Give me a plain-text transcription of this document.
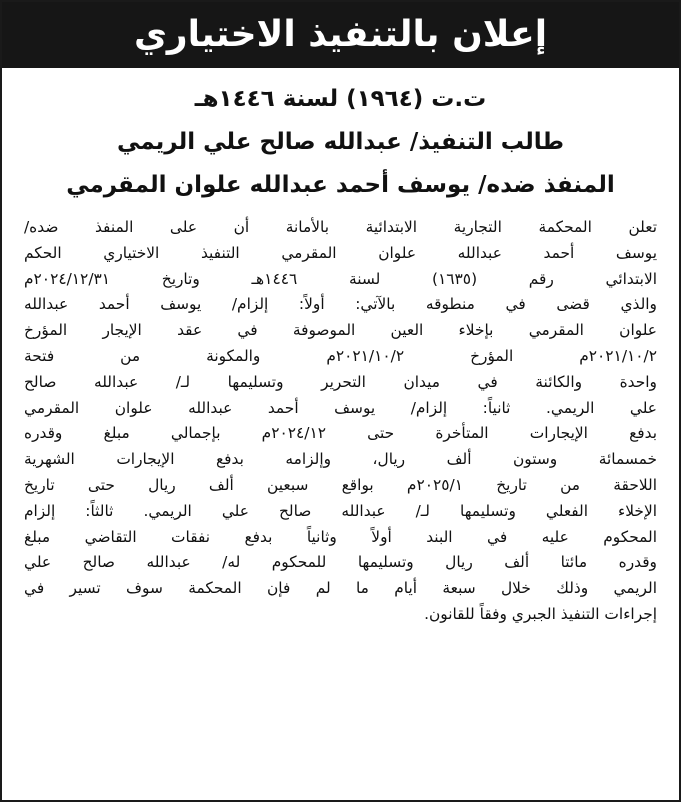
إعلان بالتنفيذ الاختياري
ت.ت (١٩٦٤) لسنة ١٤٤٦هـ
طالب التنفيذ/ عبدالله صالح علي الريمي
المنفذ ضده/ يوسف أحمد عبدالله علوان المقرمي
تعلن المحكمة التجارية الابتدائية بالأمانة أن على المنفذ ضده/
يوسف أحمد عبدالله علوان المقرمي التنفيذ الاختياري الحكم
الابتدائي رقم (١٦٣٥) لسنة ١٤٤٦هـ وتاريخ ٢٠٢٤/١٢/٣١م
والذي قضى في منطوقه بالآتي: أولاً: إلزام/ يوسف أحمد عبدالله
علوان المقرمي بإخلاء العين الموصوفة في عقد الإيجار المؤرخ
٢٠٢١/١٠/٢م المؤرخ ٢٠٢١/١٠/٢م والمكونة من فتحة
واحدة والكائنة في ميدان التحرير وتسليمها لـ/ عبدالله صالح
علي الريمي. ثانياً: إلزام/ يوسف أحمد عبدالله علوان المقرمي
بدفع الإيجارات المتأخرة حتى ٢٠٢٤/١٢م بإجمالي مبلغ وقدره
خمسمائة وستون ألف ريال، وإلزامه بدفع الإيجارات الشهرية
اللاحقة من تاريخ ٢٠٢٥/١م بواقع سبعين ألف ريال حتى تاريخ
الإخلاء الفعلي وتسليمها لـ/ عبدالله صالح علي الريمي. ثالثاً: إلزام
المحكوم عليه في البند أولاً وثانياً بدفع نفقات التقاضي مبلغ
وقدره مائتا ألف ريال وتسليمها للمحكوم له/ عبدالله صالح علي
الريمي وذلك خلال سبعة أيام ما لم فإن المحكمة سوف تسير في
إجراءات التنفيذ الجبري وفقاً للقانون.
